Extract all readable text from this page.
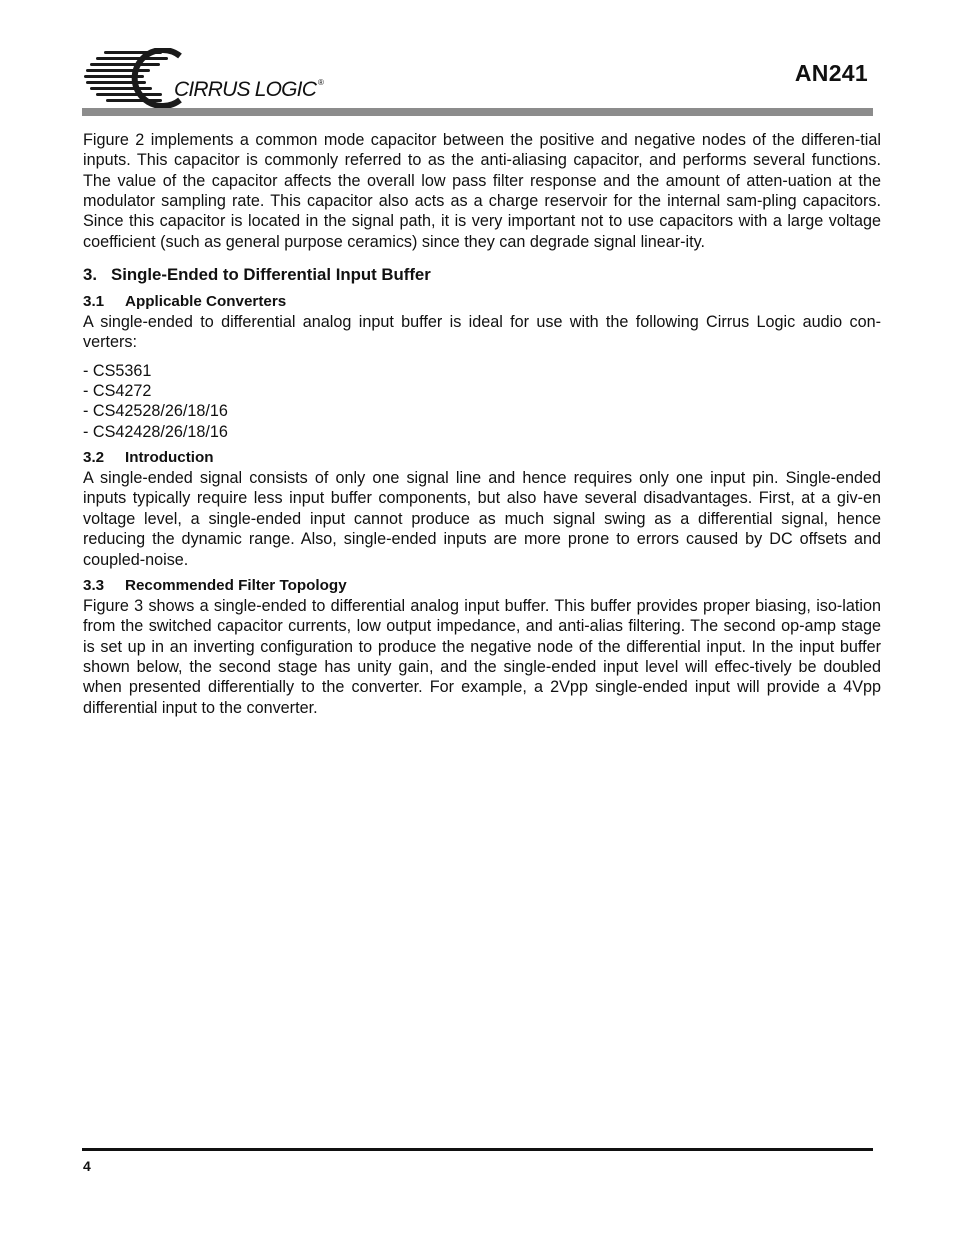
CIRRUS LOGIC ®	AN241

Figure 2 implements a common mode capacitor between the positive and negative nodes of the differen-tial inputs. This capacitor is commonly referred to as the anti-aliasing capacitor, and performs several functions. The value of the capacitor affects the overall low pass filter response and the amount of atten-uation at the modulator sampling rate. This capacitor also acts as a charge reservoir for the internal sam-pling capacitors. Since this capacitor is located in the signal path, it is very important not to use capacitors with a large voltage coefficient (such as general purpose ceramics) since they can degrade signal linear-ity.

3. Single-Ended to Differential Input Buffer
3.1 Applicable Converters

A single-ended to differential analog input buffer is ideal for use with the following Cirrus Logic audio con-verters:

- CS5361
- CS4272
- CS42528/26/18/16
- CS42428/26/18/16
3.2 Introduction

A single-ended signal consists of only one signal line and hence requires only one input pin. Single-ended inputs typically require less input buffer components, but also have several disadvantages. First, at a giv-en voltage level, a single-ended input cannot produce as much signal swing as a differential signal, hence reducing the dynamic range. Also, single-ended inputs are more prone to errors caused by DC offsets and coupled-noise.

3.3 Recommended Filter Topology

Figure 3 shows a single-ended to differential analog input buffer. This buffer provides proper biasing, iso-lation from the switched capacitor currents, low output impedance, and anti-alias filtering. The second op-amp stage is set up in an inverting configuration to produce the negative node of the differential input. In the input buffer shown below, the second stage has unity gain, and the single-ended input level will effec-tively be doubled when presented differentially to the converter. For example, a 2Vpp single-ended input will provide a 4Vpp differential input to the converter.

4
